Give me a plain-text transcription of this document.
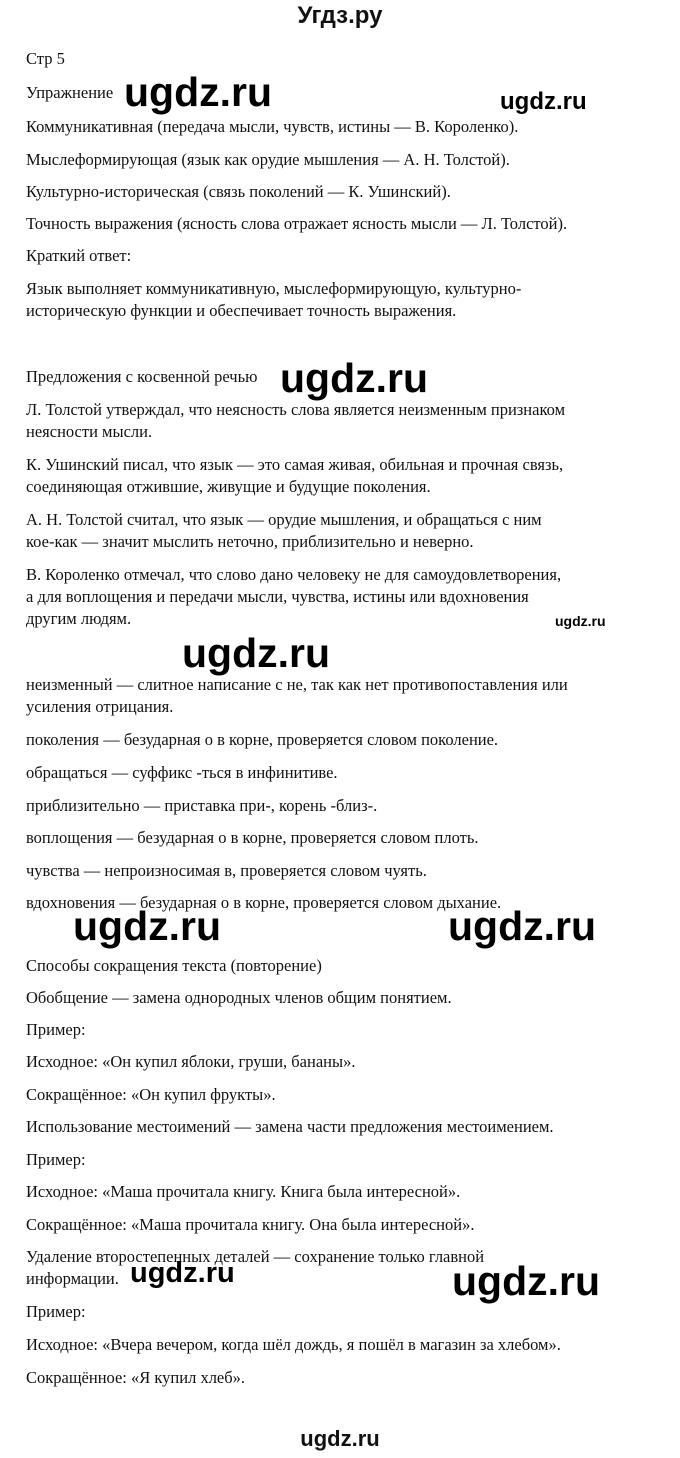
Угдз.ру
Стр 5
Упражнение
Коммуникативная (передача мысли, чувств, истины — В. Короленко).
Мыслеформирующая (язык как орудие мышления — А. Н. Толстой).
Культурно-историческая (связь поколений — К. Ушинский).
Точность выражения (ясность слова отражает ясность мысли — Л. Толстой).
Краткий ответ:
Язык выполняет коммуникативную, мыслеформирующую, культурно-
историческую функции и обеспечивает точность выражения.
Предложения с косвенной речью
Л. Толстой утверждал, что неясность слова является неизменным признаком
неясности мысли.
К. Ушинский писал, что язык — это самая живая, обильная и прочная связь,
соединяющая отжившие, живущие и будущие поколения.
А. Н. Толстой считал, что язык — орудие мышления, и обращаться с ним
кое-как — значит мыслить неточно, приблизительно и неверно.
В. Короленко отмечал, что слово дано человеку не для самоудовлетворения,
а для воплощения и передачи мысли, чувства, истины или вдохновения
другим людям.
неизменный — слитное написание с не, так как нет противопоставления или
усиления отрицания.
поколения — безударная о в корне, проверяется словом поколение.
обращаться — суффикс -ться в инфинитиве.
приблизительно — приставка при-, корень -близ-.
воплощения — безударная о в корне, проверяется словом плоть.
чувства — непроизносимая в, проверяется словом чуять.
вдохновения — безударная о в корне, проверяется словом дыхание.
Способы сокращения текста (повторение)
Обобщение — замена однородных членов общим понятием.
Пример:
Исходное: «Он купил яблоки, груши, бананы».
Сокращённое: «Он купил фрукты».
Использование местоимений — замена части предложения местоимением.
Пример:
Исходное: «Маша прочитала книгу. Книга была интересной».
Сокращённое: «Маша прочитала книгу. Она была интересной».
Удаление второстепенных деталей — сохранение только главной
информации.
Пример:
Исходное: «Вчера вечером, когда шёл дождь, я пошёл в магазин за хлебом».
Сокращённое: «Я купил хлеб».
ugdz.ru	ugdz.ru
ugdz.ru
ugdz.ru
ugdz.ru
ugdz.ru	ugdz.ru
ugdz.ru	ugdz.ru
ugdz.ru
